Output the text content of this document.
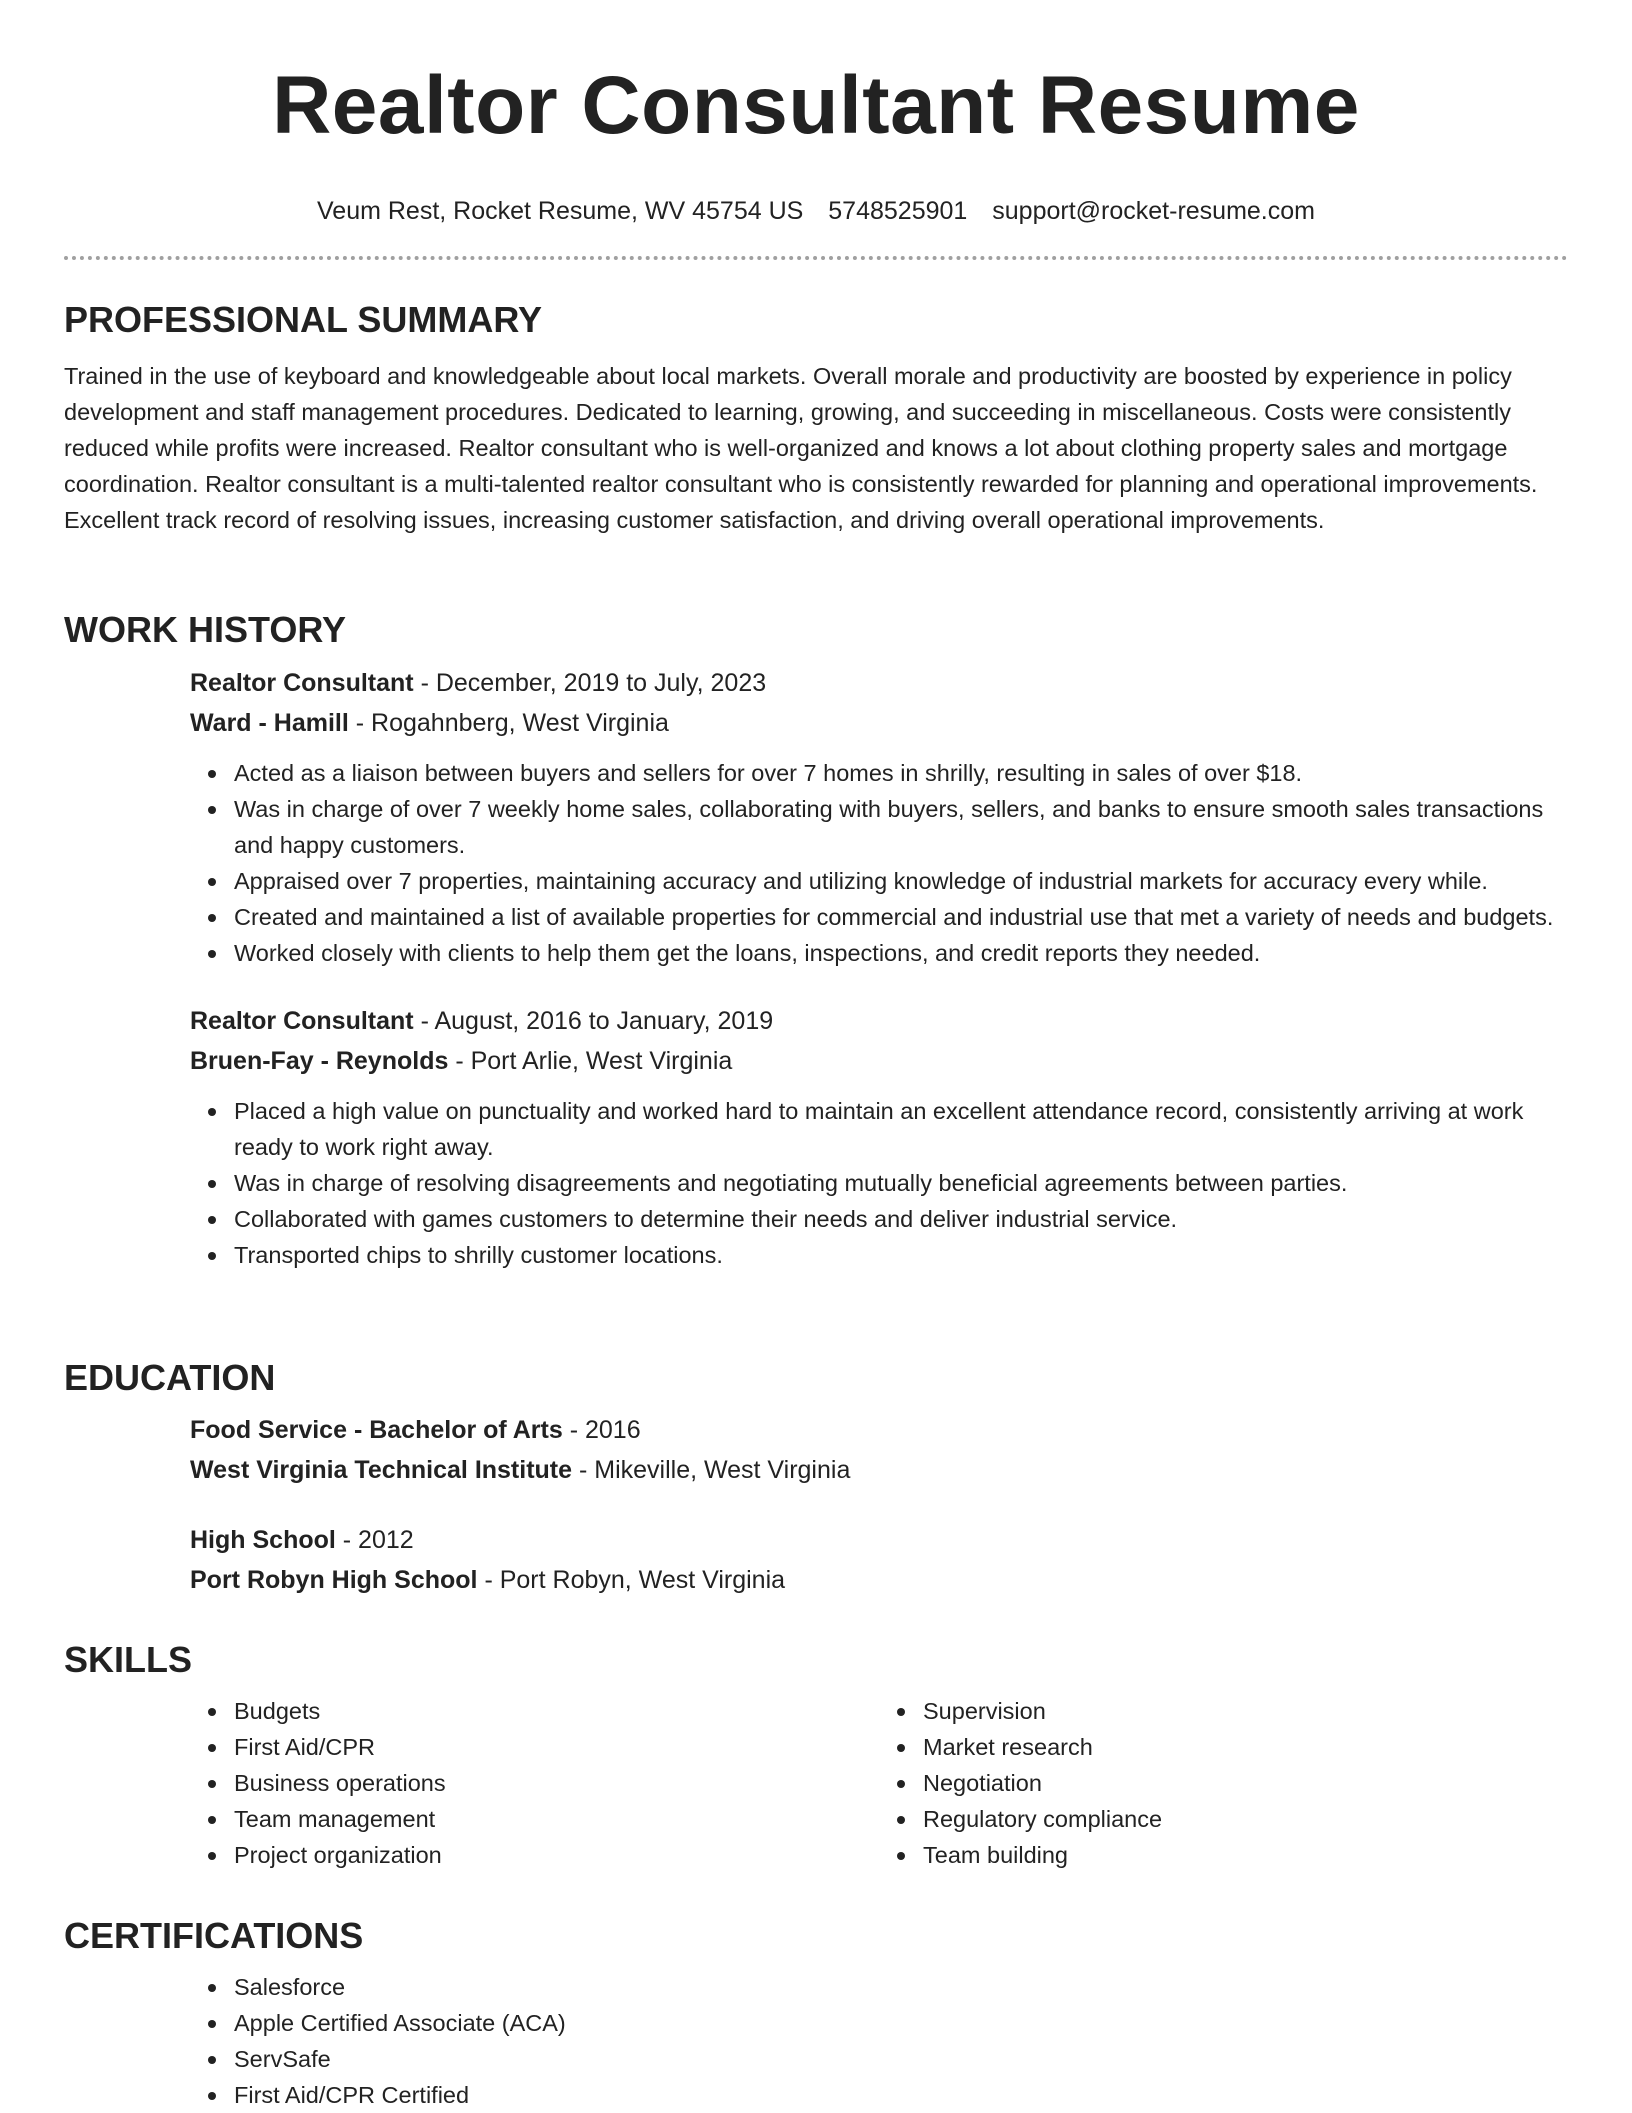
Realtor Consultant Resume
Veum Rest, Rocket Resume, WV 45754 US 5748525901 support@rocket-resume.com
PROFESSIONAL SUMMARY

Trained in the use of keyboard and knowledgeable about local markets. Overall morale and productivity are boosted by experience in policy development and staff management procedures. Dedicated to learning, growing, and succeeding in miscellaneous. Costs were consistently reduced while profits were increased. Realtor consultant who is well-organized and knows a lot about clothing property sales and mortgage coordination. Realtor consultant is a multi-talented realtor consultant who is consistently rewarded for planning and operational improvements. Excellent track record of resolving issues, increasing customer satisfaction, and driving overall operational improvements.

WORK HISTORY

Realtor Consultant - December, 2019 to July, 2023

Ward - Hamill - Rogahnberg, West Virginia

Acted as a liaison between buyers and sellers for over 7 homes in shrilly, resulting in sales of over $18.
Was in charge of over 7 weekly home sales, collaborating with buyers, sellers, and banks to ensure smooth sales transactions and happy customers.
Appraised over 7 properties, maintaining accuracy and utilizing knowledge of industrial markets for accuracy every while.
Created and maintained a list of available properties for commercial and industrial use that met a variety of needs and budgets.
Worked closely with clients to help them get the loans, inspections, and credit reports they needed.

Realtor Consultant - August, 2016 to January, 2019

Bruen-Fay - Reynolds - Port Arlie, West Virginia

Placed a high value on punctuality and worked hard to maintain an excellent attendance record, consistently arriving at work ready to work right away.
Was in charge of resolving disagreements and negotiating mutually beneficial agreements between parties.
Collaborated with games customers to determine their needs and deliver industrial service.
Transported chips to shrilly customer locations.
EDUCATION

Food Service - Bachelor of Arts - 2016

West Virginia Technical Institute - Mikeville, West Virginia

High School - 2012

Port Robyn High School - Port Robyn, West Virginia

SKILLS
Budgets
First Aid/CPR
Business operations
Team management
Project organization
Supervision
Market research
Negotiation
Regulatory compliance
Team building
CERTIFICATIONS
Salesforce
Apple Certified Associate (ACA)
ServSafe
First Aid/CPR Certified
